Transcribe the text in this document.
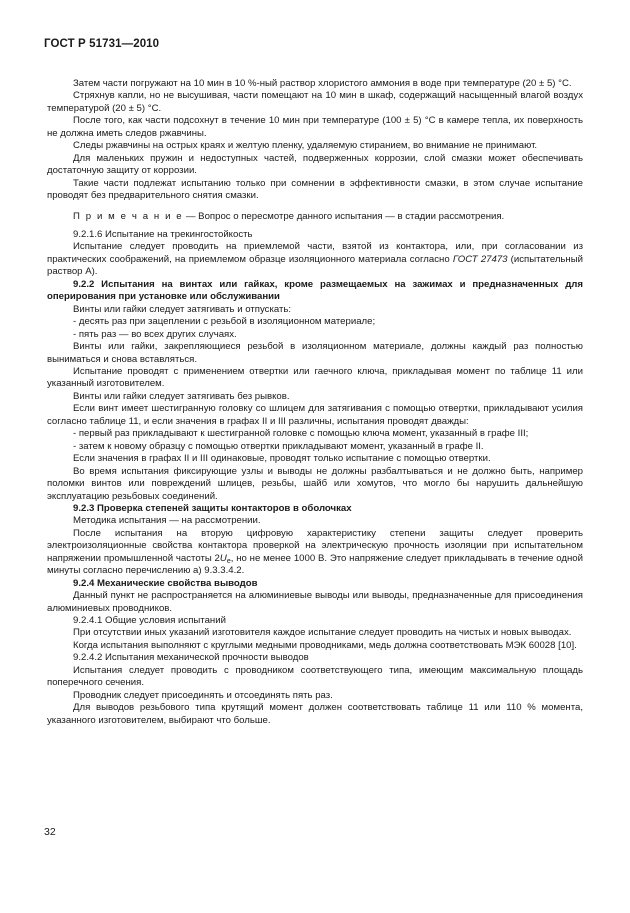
ГОСТ Р 51731—2010

Затем части погружают на 10 мин в 10 %-ный раствор хлористого аммония в воде при температуре (20 ± 5) °С.

Стряхнув капли, но не высушивая, части помещают на 10 мин в шкаф, содержащий насыщенный влагой воздух температурой (20 ± 5) °С.

После того, как части подсохнут в течение 10 мин при температуре (100 ± 5) °С в камере тепла, их поверхность не должна иметь следов ржавчины.

Следы ржавчины на острых краях и желтую пленку, удаляемую стиранием, во внимание не принимают.

Для маленьких пружин и недоступных частей, подверженных коррозии, слой смазки может обеспечивать достаточную защиту от коррозии.

Такие части подлежат испытанию только при сомнении в эффективности смазки, в этом случае испытание проводят без предварительного снятия смазки.

П р и м е ч а н и е — Вопрос о пересмотре данного испытания — в стадии рассмотрения.

9.2.1.6 Испытание на трекингостойкость

Испытание следует проводить на приемлемой части, взятой из контактора, или, при согласовании из практических соображений, на приемлемом образце изоляционного материала согласно ГОСТ 27473 (испытательный раствор А).

9.2.2 Испытания на винтах или гайках, кроме размещаемых на зажимах и предназначенных для оперирования при установке или обслуживании

Винты или гайки следует затягивать и отпускать:

- десять раз при зацеплении с резьбой в изоляционном материале;

- пять раз — во всех других случаях.

Винты или гайки, закрепляющиеся резьбой в изоляционном материале, должны каждый раз полностью выниматься и снова вставляться.

Испытание проводят с применением отвертки или гаечного ключа, прикладывая момент по таблице 11 или указанный изготовителем.

Винты или гайки следует затягивать без рывков.

Если винт имеет шестигранную головку со шлицем для затягивания с помощью отвертки, прикладывают усилия согласно таблице 11, и если значения в графах II и III различны, испытания проводят дважды:

- первый раз прикладывают к шестигранной головке с помощью ключа момент, указанный в графе III;

- затем к новому образцу с помощью отвертки прикладывают момент, указанный в графе II.

Если значения в графах II и III одинаковые, проводят только испытание с помощью отвертки.

Во время испытания фиксирующие узлы и выводы не должны разбалтываться и не должно быть, например поломки винтов или повреждений шлицев, резьбы, шайб или хомутов, что могло бы нарушить дальнейшую эксплуатацию резьбовых соединений.

9.2.3 Проверка степеней защиты контакторов в оболочках

Методика испытания — на рассмотрении.

После испытания на вторую цифровую характеристику степени защиты следует проверить электроизоляционные свойства контактора проверкой на электрическую прочность изоляции при испытательном напряжении промышленной частоты $2U_e$, но не менее 1000 В. Это напряжение следует прикладывать в течение одной минуты согласно перечислению а) 9.3.3.4.2.

9.2.4 Механические свойства выводов

Данный пункт не распространяется на алюминиевые выводы или выводы, предназначенные для присоединения алюминиевых проводников.

9.2.4.1 Общие условия испытаний

При отсутствии иных указаний изготовителя каждое испытание следует проводить на чистых и новых выводах.

Когда испытания выполняют с круглыми медными проводниками, медь должна соответствовать МЭК 60028 [10].

9.2.4.2 Испытания механической прочности выводов

Испытания следует проводить с проводником соответствующего типа, имеющим максимальную площадь поперечного сечения.

Проводник следует присоединять и отсоединять пять раз.

Для выводов резьбового типа крутящий момент должен соответствовать таблице 11 или 110 % момента, указанного изготовителем, выбирают что больше.

32
